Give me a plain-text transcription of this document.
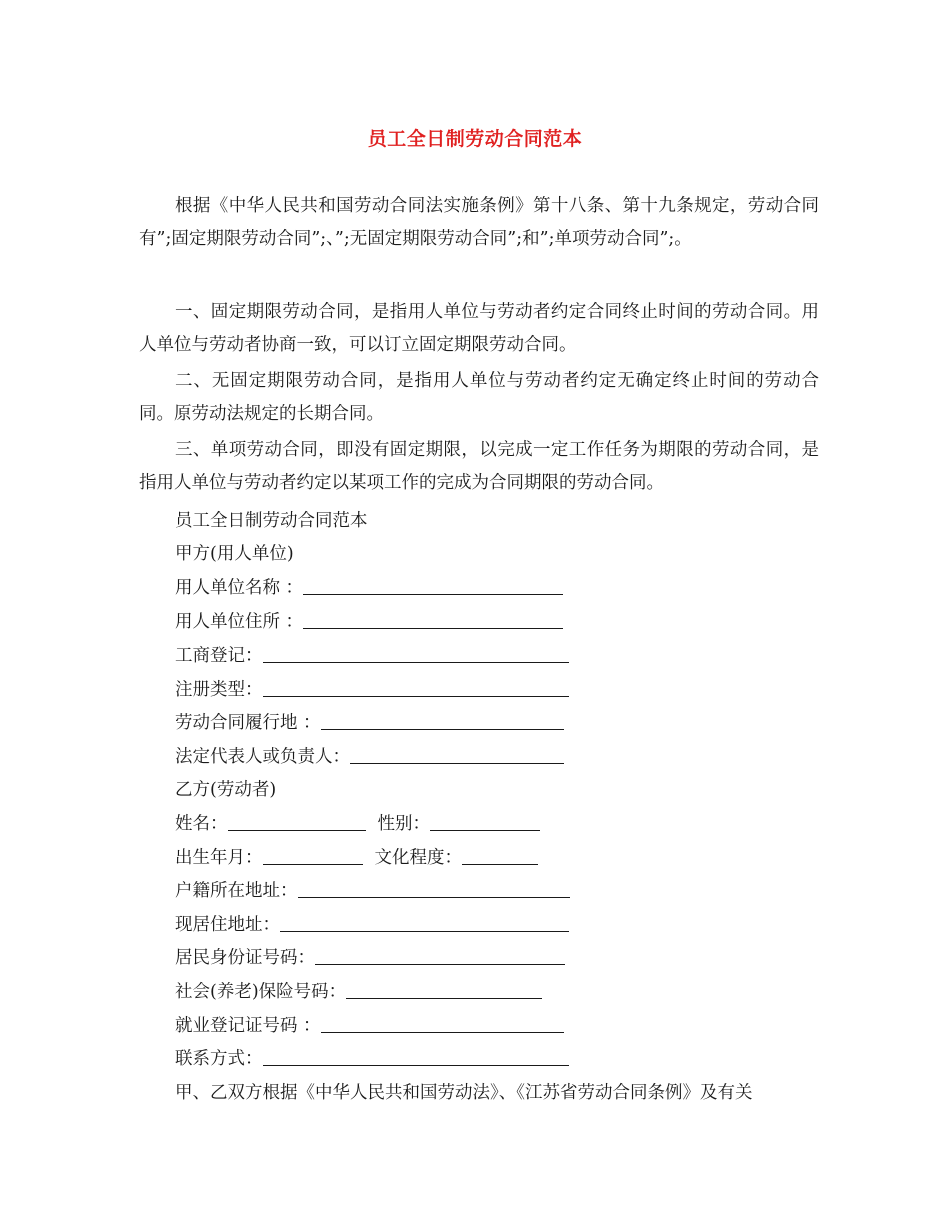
员工全日制劳动合同范本
根据《中华人民共和国劳动合同法实施条例》第十八条、第十九条规定，劳动合同有”;固定期限劳动合同”;、”;无固定期限劳动合同”;和”;单项劳动合同”;。
一、固定期限劳动合同，是指用人单位与劳动者约定合同终止时间的劳动合同。用人单位与劳动者协商一致，可以订立固定期限劳动合同。
二、无固定期限劳动合同，是指用人单位与劳动者约定无确定终止时间的劳动合同。原劳动法规定的长期合同。
三、单项劳动合同，即没有固定期限，以完成一定工作任务为期限的劳动合同，是指用人单位与劳动者约定以某项工作的完成为合同期限的劳动合同。
员工全日制劳动合同范本
甲方(用人单位)
用人单位名称 ：
用人单位住所 ：
工商登记：
注册类型：
劳动合同履行地 ：
法定代表人或负责人：
乙方(劳动者)
姓名：	性别：
出生年月：	文化程度：
户籍所在地址：
现居住地址：
居民身份证号码：
社会(养老)保险号码：
就业登记证号码 ：
联系方式：
甲、乙双方根据《中华人民共和国劳动法》、《江苏省劳动合同条例》及有关
